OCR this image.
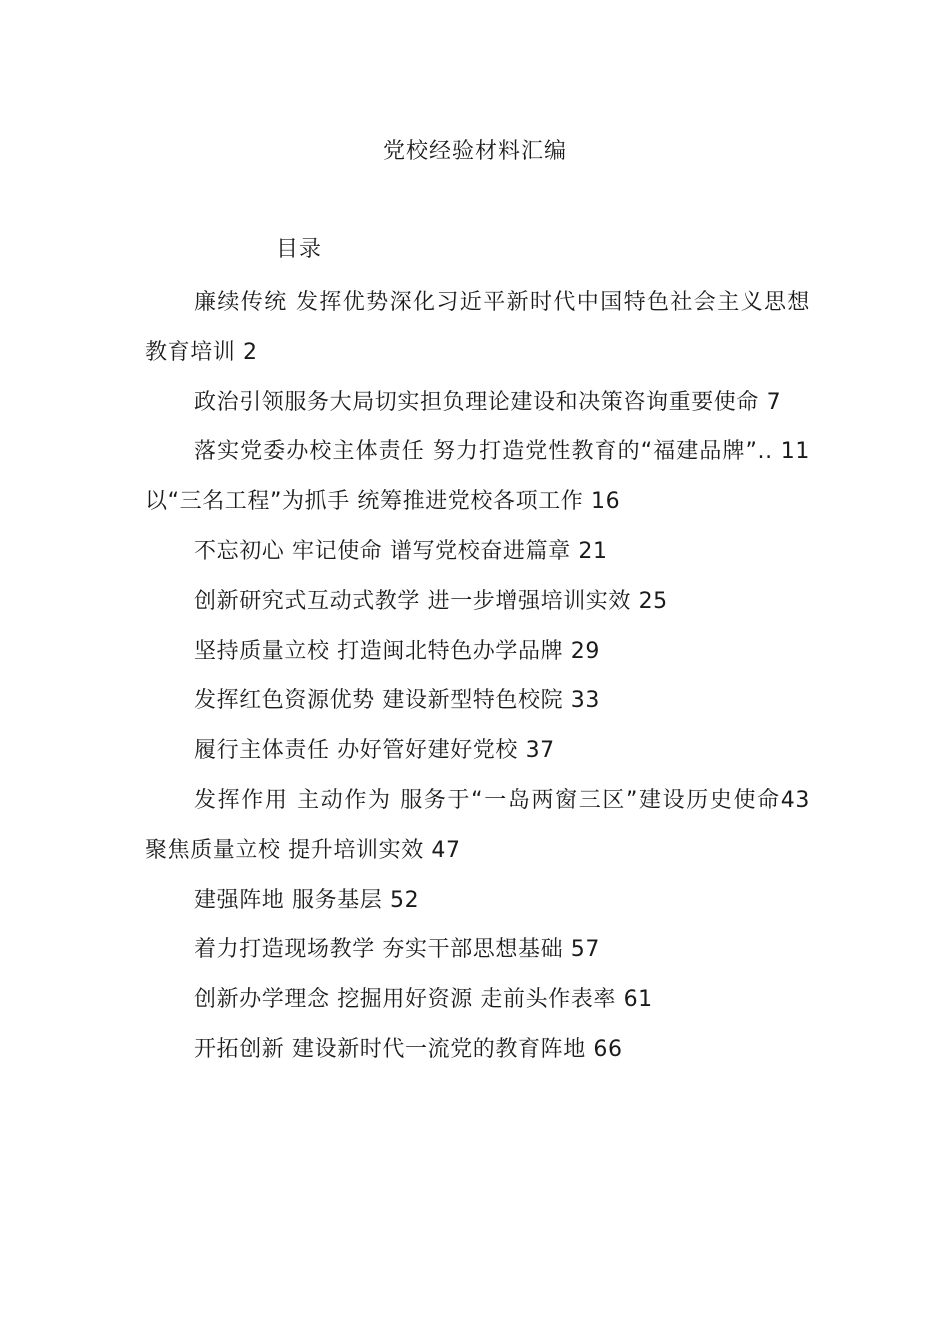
党校经验材料汇编
目录

廉续传统 发挥优势深化习近平新时代中国特色社会主义思想 教育培训 2

政治引领服务大局切实担负理论建设和决策咨询重要使命 7

落实党委办校主体责任 努力打造党性教育的“福建品牌”.. 11 以“三名工程”为抓手 统筹推进党校各项工作 16

不忘初心 牢记使命 谱写党校奋进篇章 21

创新研究式互动式教学 进一步增强培训实效 25

坚持质量立校 打造闽北特色办学品牌 29

发挥红色资源优势 建设新型特色校院 33

履行主体责任 办好管好建好党校 37

发挥作用 主动作为 服务于“一岛两窗三区”建设历史使命43 聚焦质量立校 提升培训实效 47

建强阵地 服务基层 52

着力打造现场教学 夯实干部思想基础 57

创新办学理念 挖掘用好资源 走前头作表率 61

开拓创新 建设新时代一流党的教育阵地 66
